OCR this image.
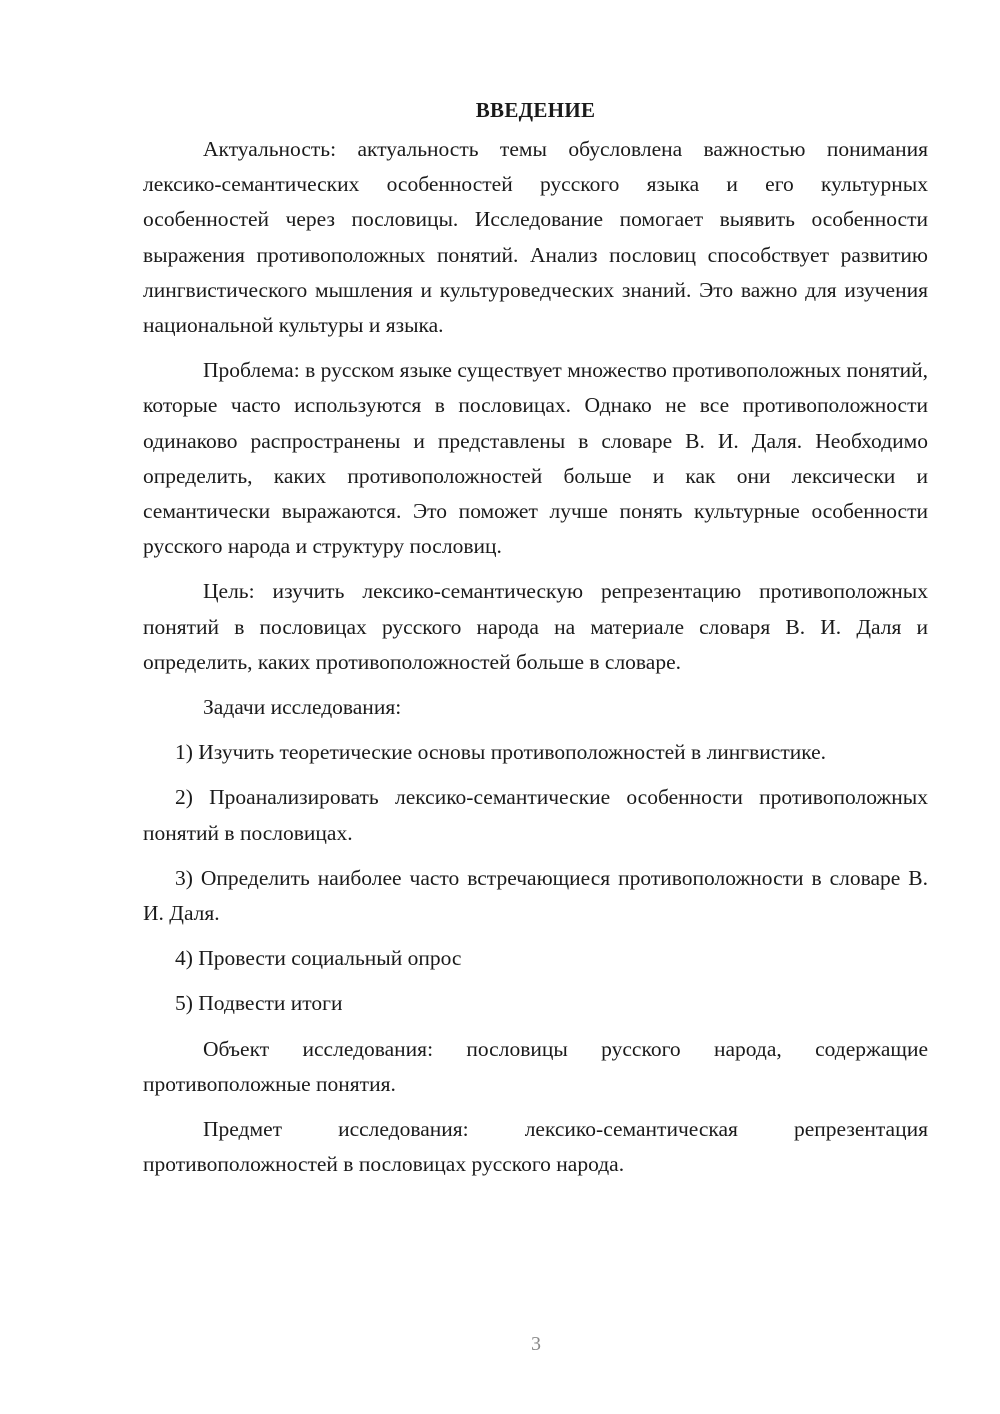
ВВЕДЕНИЕ

Актуальность: актуальность темы обусловлена важностью понимания лексико-семантических особенностей русского языка и его культурных особенностей через пословицы. Исследование помогает выявить особенности выражения противоположных понятий. Анализ пословиц способствует развитию лингвистического мышления и культуроведческих знаний. Это важно для изучения национальной культуры и языка.

Проблема: в русском языке существует множество противоположных понятий, которые часто используются в пословицах. Однако не все противоположности одинаково распространены и представлены в словаре В. И. Даля. Необходимо определить, каких противоположностей больше и как они лексически и семантически выражаются. Это поможет лучше понять культурные особенности русского народа и структуру пословиц.

Цель: изучить лексико-семантическую репрезентацию противоположных понятий в пословицах русского народа на материале словаря В. И. Даля и определить, каких противоположностей больше в словаре.

Задачи исследования:

1) Изучить теоретические основы противоположностей в лингвистике.

2) Проанализировать лексико-семантические особенности противоположных понятий в пословицах.

3) Определить наиболее часто встречающиеся противоположности в словаре В. И. Даля.

4) Провести социальный опрос

5) Подвести итоги

Объект исследования: пословицы русского народа, содержащие противоположные понятия.

Предмет исследования: лексико-семантическая репрезентация противоположностей в пословицах русского народа.

3
